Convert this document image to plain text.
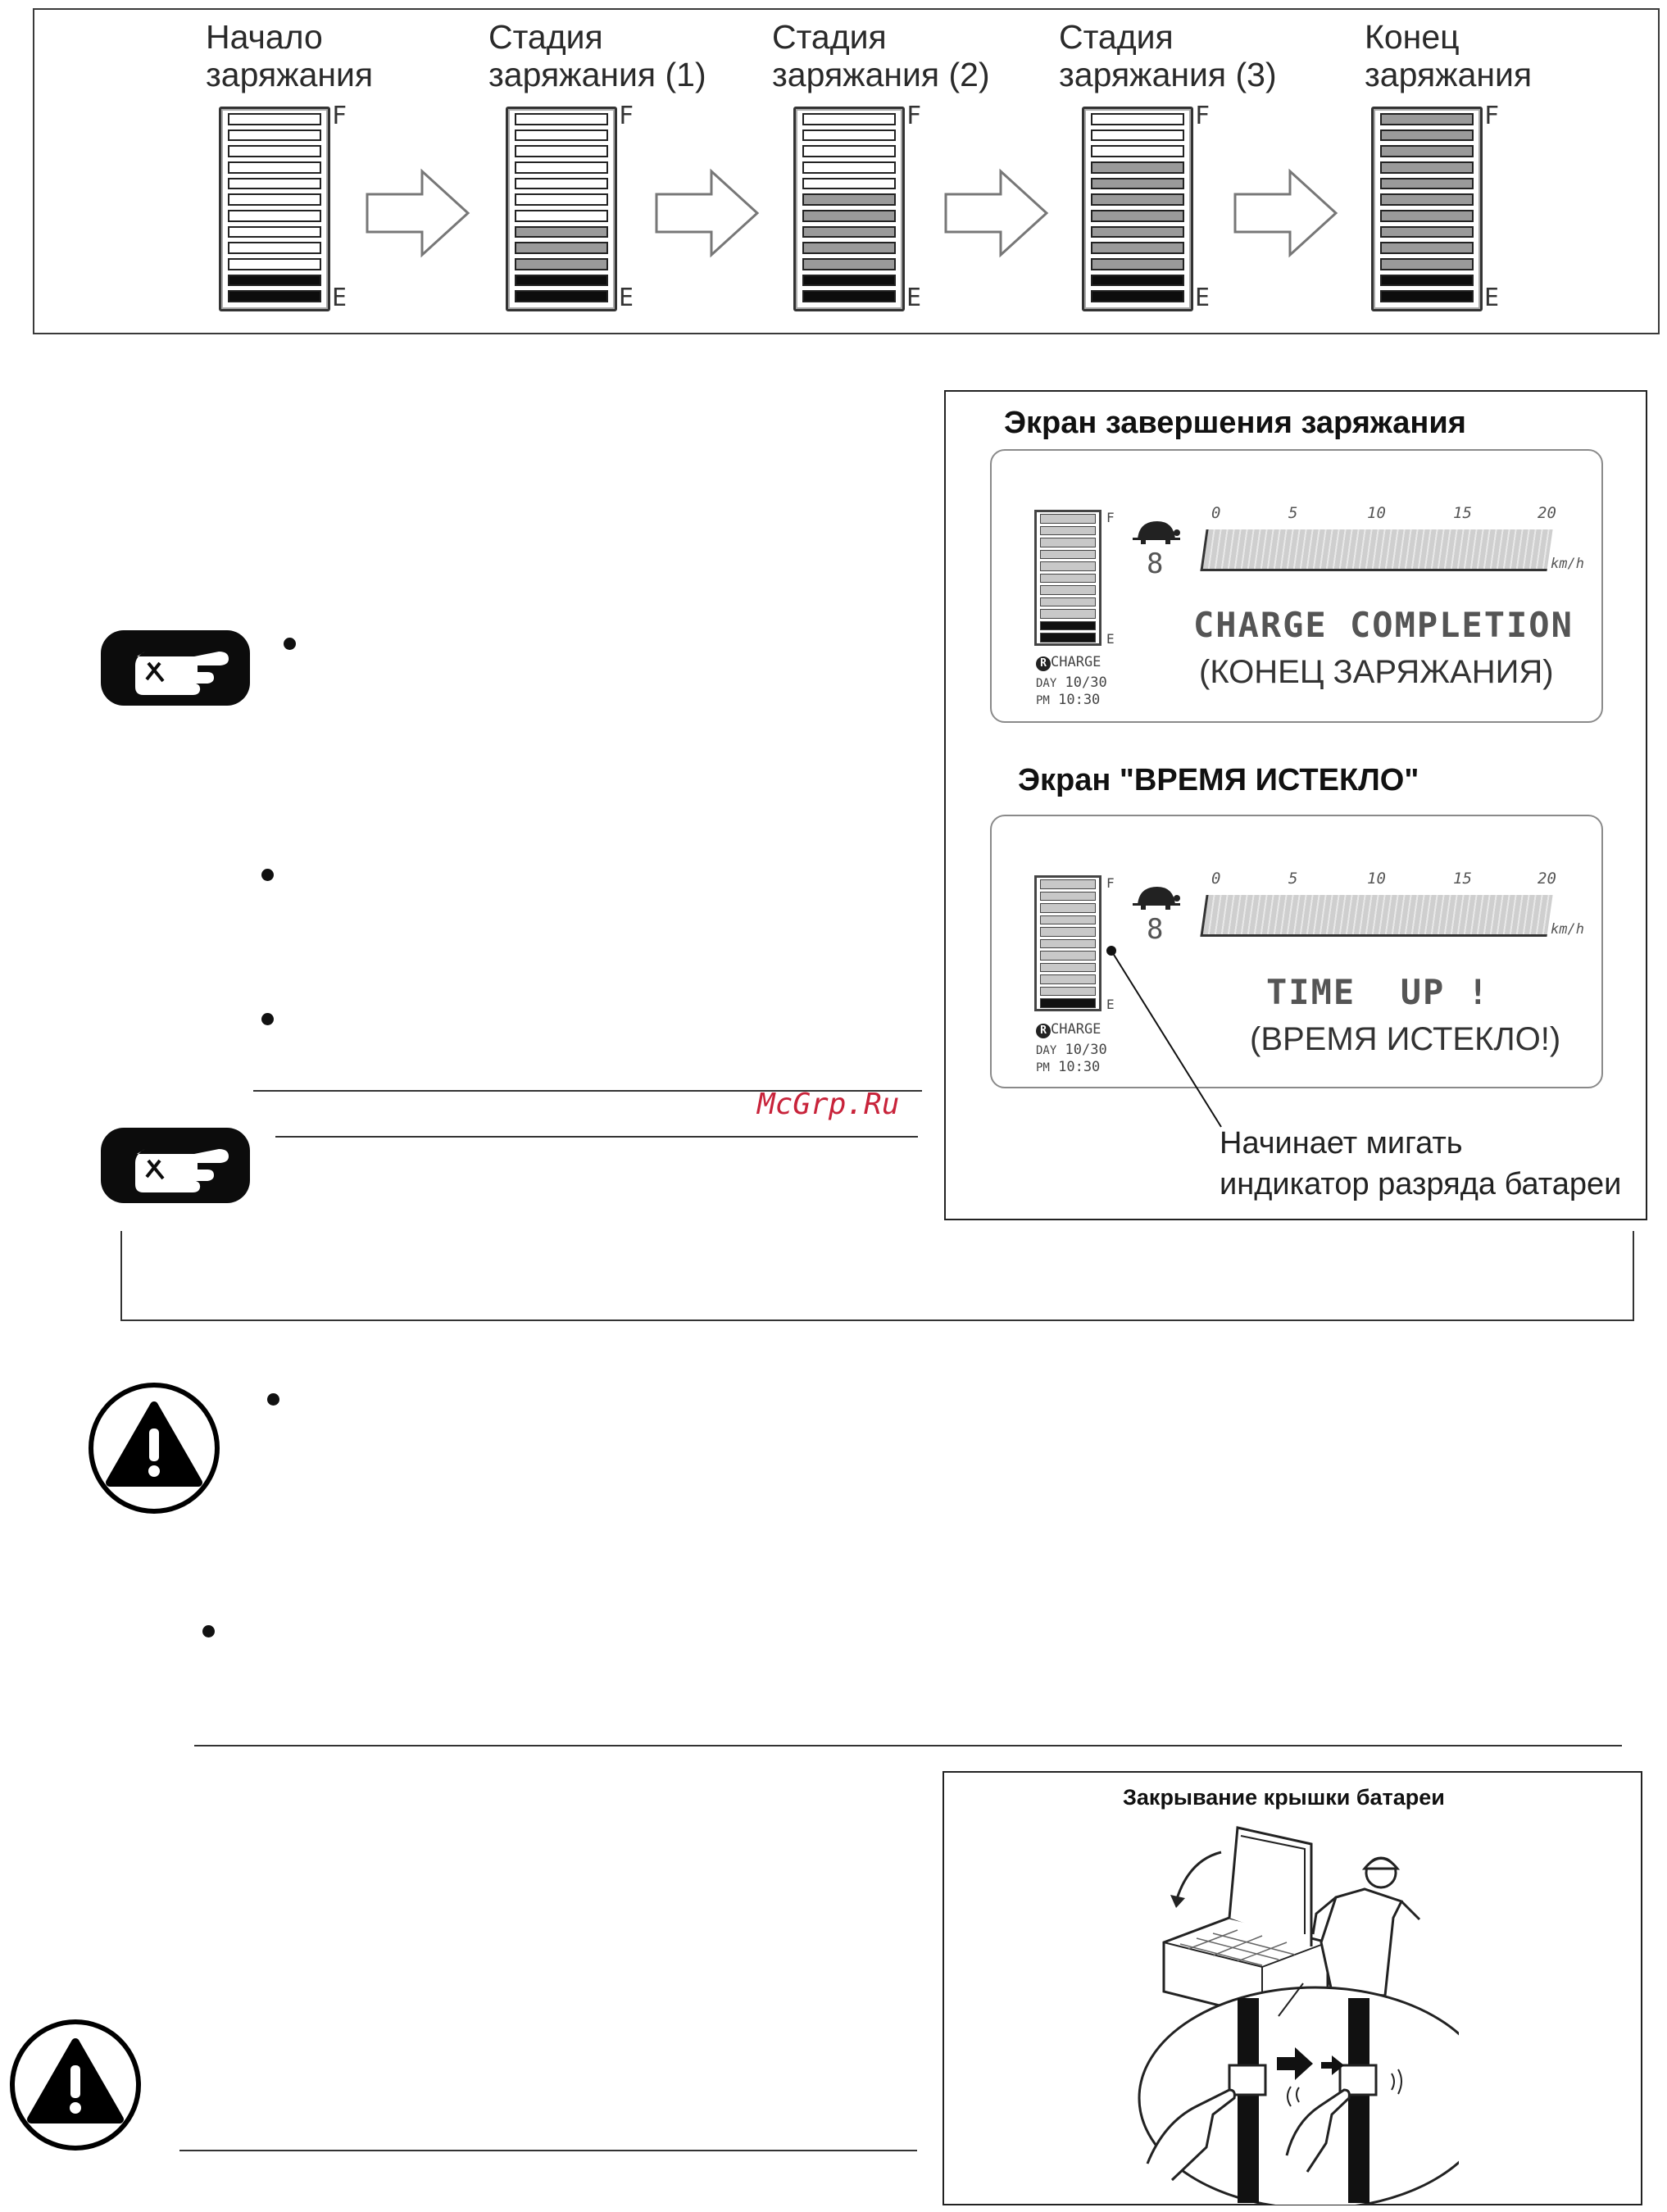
Начало
заряжания
Стадия
заряжания (1)
Стадия
заряжания (2)
Стадия
заряжания (3)
Конец
заряжания
F
E
F
E
F
E
F
E
F
E
McGrp.Ru
Экран завершения заряжания
Экран "ВРЕМЯ ИСТЕКЛО"
F
E
F
E
0	5	10	15	20
km/h
8
CHARGE COMPLETION
(КОНЕЦ ЗАРЯЖАНИЯ)
R CHARGE
DAY 10/30
PM 10:30
0	5	10	15	20
km/h
8
TIME  UP !
(ВРЕМЯ ИСТЕКЛО!)
R CHARGE
DAY 10/30
PM 10:30
Начинает мигать
индикатор разряда батареи
Закрывание крышки батареи
